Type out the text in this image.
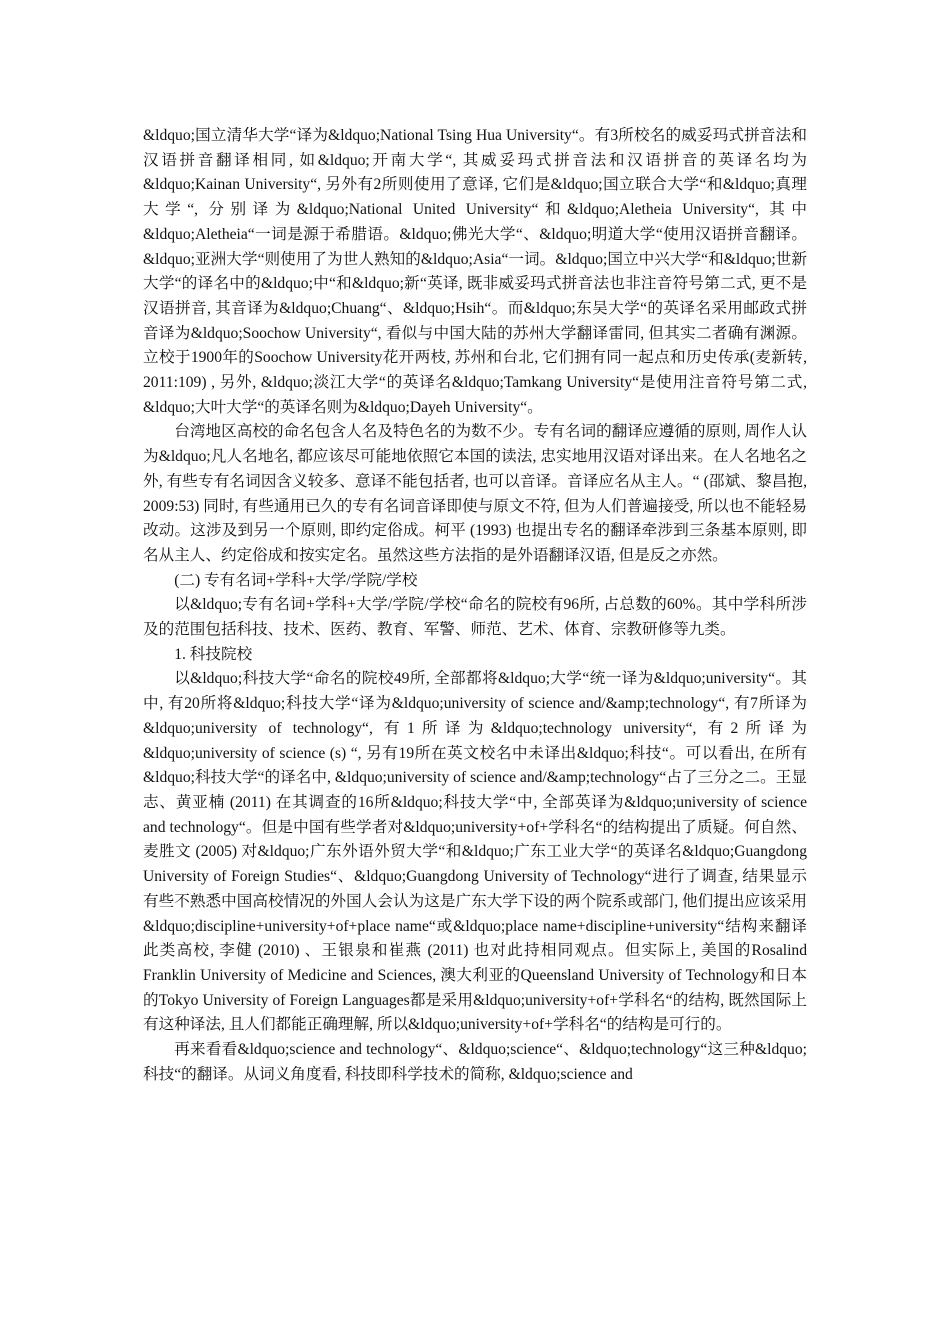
&ldquo;国立清华大学“译为&ldquo;National Tsing Hua University“。有3所校名的威妥玛式拼音法和汉语拼音翻译相同, 如&ldquo;开南大学“, 其威妥玛式拼音法和汉语拼音的英译名均为&ldquo;Kainan University“, 另外有2所则使用了意译, 它们是&ldquo;国立联合大学“和&ldquo;真理大学“, 分别译为&ldquo;National United University“和&ldquo;Aletheia University“, 其中&ldquo;Aletheia“一词是源于希腊语。&ldquo;佛光大学“、&ldquo;明道大学“使用汉语拼音翻译。&ldquo;亚洲大学“则使用了为世人熟知的&ldquo;Asia“一词。&ldquo;国立中兴大学“和&ldquo;世新大学“的译名中的&ldquo;中“和&ldquo;新“英译, 既非威妥玛式拼音法也非注音符号第二式, 更不是汉语拼音, 其音译为&ldquo;Chuang“、&ldquo;Hsih“。而&ldquo;东吴大学“的英译名采用邮政式拼音译为&ldquo;Soochow University“, 看似与中国大陆的苏州大学翻译雷同, 但其实二者确有渊源。立校于1900年的Soochow University花开两枝, 苏州和台北, 它们拥有同一起点和历史传承(麦新转, 2011:109) , 另外, &ldquo;淡江大学“的英译名&ldquo;Tamkang University“是使用注音符号第二式, &ldquo;大叶大学“的英译名则为&ldquo;Dayeh University“。

台湾地区高校的命名包含人名及特色名的为数不少。专有名词的翻译应遵循的原则, 周作人认为&ldquo;凡人名地名, 都应该尽可能地依照它本国的读法, 忠实地用汉语对译出来。在人名地名之外, 有些专有名词因含义较多、意译不能包括者, 也可以音译。音译应名从主人。“ (邵斌、黎昌抱, 2009:53) 同时, 有些通用已久的专有名词音译即使与原文不符, 但为人们普遍接受, 所以也不能轻易改动。这涉及到另一个原则, 即约定俗成。柯平 (1993) 也提出专名的翻译牵涉到三条基本原则, 即名从主人、约定俗成和按实定名。虽然这些方法指的是外语翻译汉语, 但是反之亦然。

(二) 专有名词+学科+大学/学院/学校

以&ldquo;专有名词+学科+大学/学院/学校“命名的院校有96所, 占总数的60%。其中学科所涉及的范围包括科技、技术、医药、教育、军警、师范、艺术、体育、宗教研修等九类。

1. 科技院校

以&ldquo;科技大学“命名的院校49所, 全部都将&ldquo;大学“统一译为&ldquo;university“。其中, 有20所将&ldquo;科技大学“译为&ldquo;university of science and/&amp;technology“, 有7所译为&ldquo;university of technology“, 有1所译为&ldquo;technology university“, 有2所译为&ldquo;university of science (s) “, 另有19所在英文校名中未译出&ldquo;科技“。可以看出, 在所有&ldquo;科技大学“的译名中, &ldquo;university of science and/&amp;technology“占了三分之二。王显志、黄亚楠 (2011) 在其调查的16所&ldquo;科技大学“中, 全部英译为&ldquo;university of science and technology“。但是中国有些学者对&ldquo;university+of+学科名“的结构提出了质疑。何自然、麦胜文 (2005) 对&ldquo;广东外语外贸大学“和&ldquo;广东工业大学“的英译名&ldquo;Guangdong University of Foreign Studies“、&ldquo;Guangdong University of Technology“进行了调查, 结果显示有些不熟悉中国高校情况的外国人会认为这是广东大学下设的两个院系或部门, 他们提出应该采用&ldquo;discipline+university+of+place name“或&ldquo;place name+discipline+university“结构来翻译此类高校, 李健 (2010) 、王银泉和崔燕 (2011) 也对此持相同观点。但实际上, 美国的Rosalind Franklin University of Medicine and Sciences, 澳大利亚的Queensland University of Technology和日本的Tokyo University of Foreign Languages都是采用&ldquo;university+of+学科名“的结构, 既然国际上有这种译法, 且人们都能正确理解, 所以&ldquo;university+of+学科名“的结构是可行的。

再来看看&ldquo;science and technology“、&ldquo;science“、&ldquo;technology“这三种&ldquo;科技“的翻译。从词义角度看, 科技即科学技术的简称, &ldquo;science and
